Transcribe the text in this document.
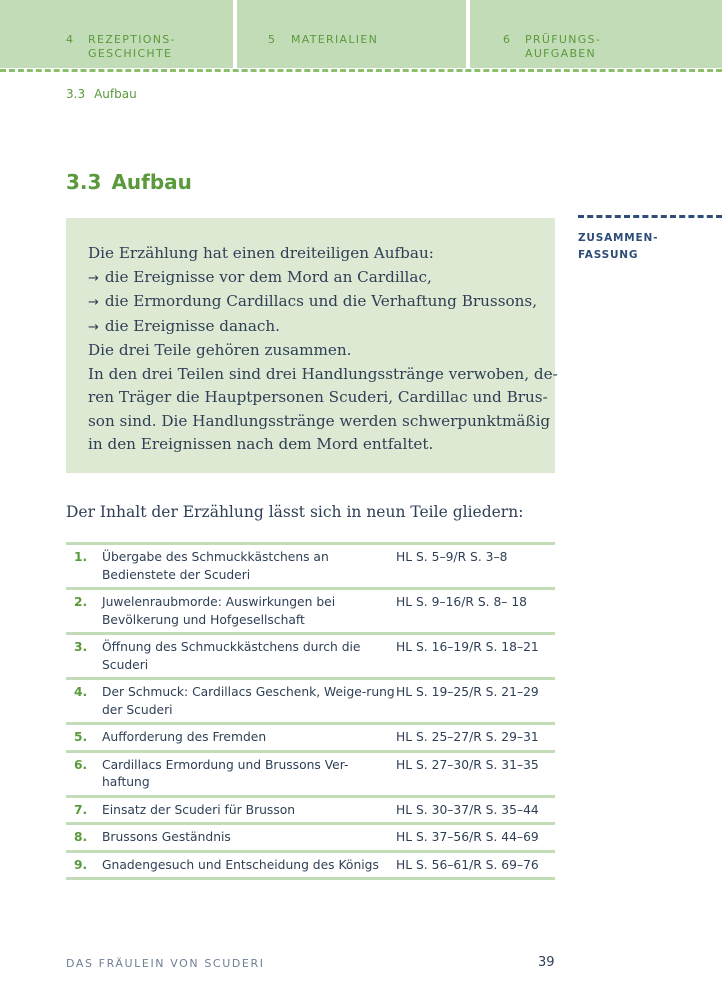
4 REZEPTIONS-
GESCHICHTE
5 MATERIALIEN	6 PRÜFUNGS-
AUFGABEN
3.3 Aufbau
3.3 Aufbau
Die Erzählung hat einen dreiteiligen Aufbau:
→ die Ereignisse vor dem Mord an Cardillac,
→ die Ermordung Cardillacs und die Verhaftung Brussons,
→ die Ereignisse danach.
Die drei Teile gehören zusammen.
In den drei Teilen sind drei Handlungsstränge verwoben, de-
ren Träger die Hauptpersonen Scuderi, Cardillac und Brus-
son sind. Die Handlungsstränge werden schwerpunktmäßig
in den Ereignissen nach dem Mord entfaltet.
ZUSAMMEN-
FASSUNG
Der Inhalt der Erzählung lässt sich in neun Teile gliedern:
1.	Übergabe des Schmuckkästchens an Bedienstete der Scuderi	HL S. 5–9/R S. 3–8
2.	Juwelenraubmorde: Auswirkungen bei Bevölkerung und Hofgesellschaft	HL S. 9–16/R S. 8– 18
3.	Öffnung des Schmuckkästchens durch die Scuderi	HL S. 16–19/R S. 18–21
4.	Der Schmuck: Cardillacs Geschenk, Weige-rung der Scuderi	HL S. 19–25/R S. 21–29
5.	Aufforderung des Fremden	HL S. 25–27/R S. 29–31
6.	Cardillacs Ermordung und Brussons Ver-haftung	HL S. 27–30/R S. 31–35
7.	Einsatz der Scuderi für Brusson	HL S. 30–37/R S. 35–44
8.	Brussons Geständnis	HL S. 37–56/R S. 44–69
9.	Gnadengesuch und Entscheidung des Königs	HL S. 56–61/R S. 69–76
DAS FRÄULEIN VON SCUDERI	39
